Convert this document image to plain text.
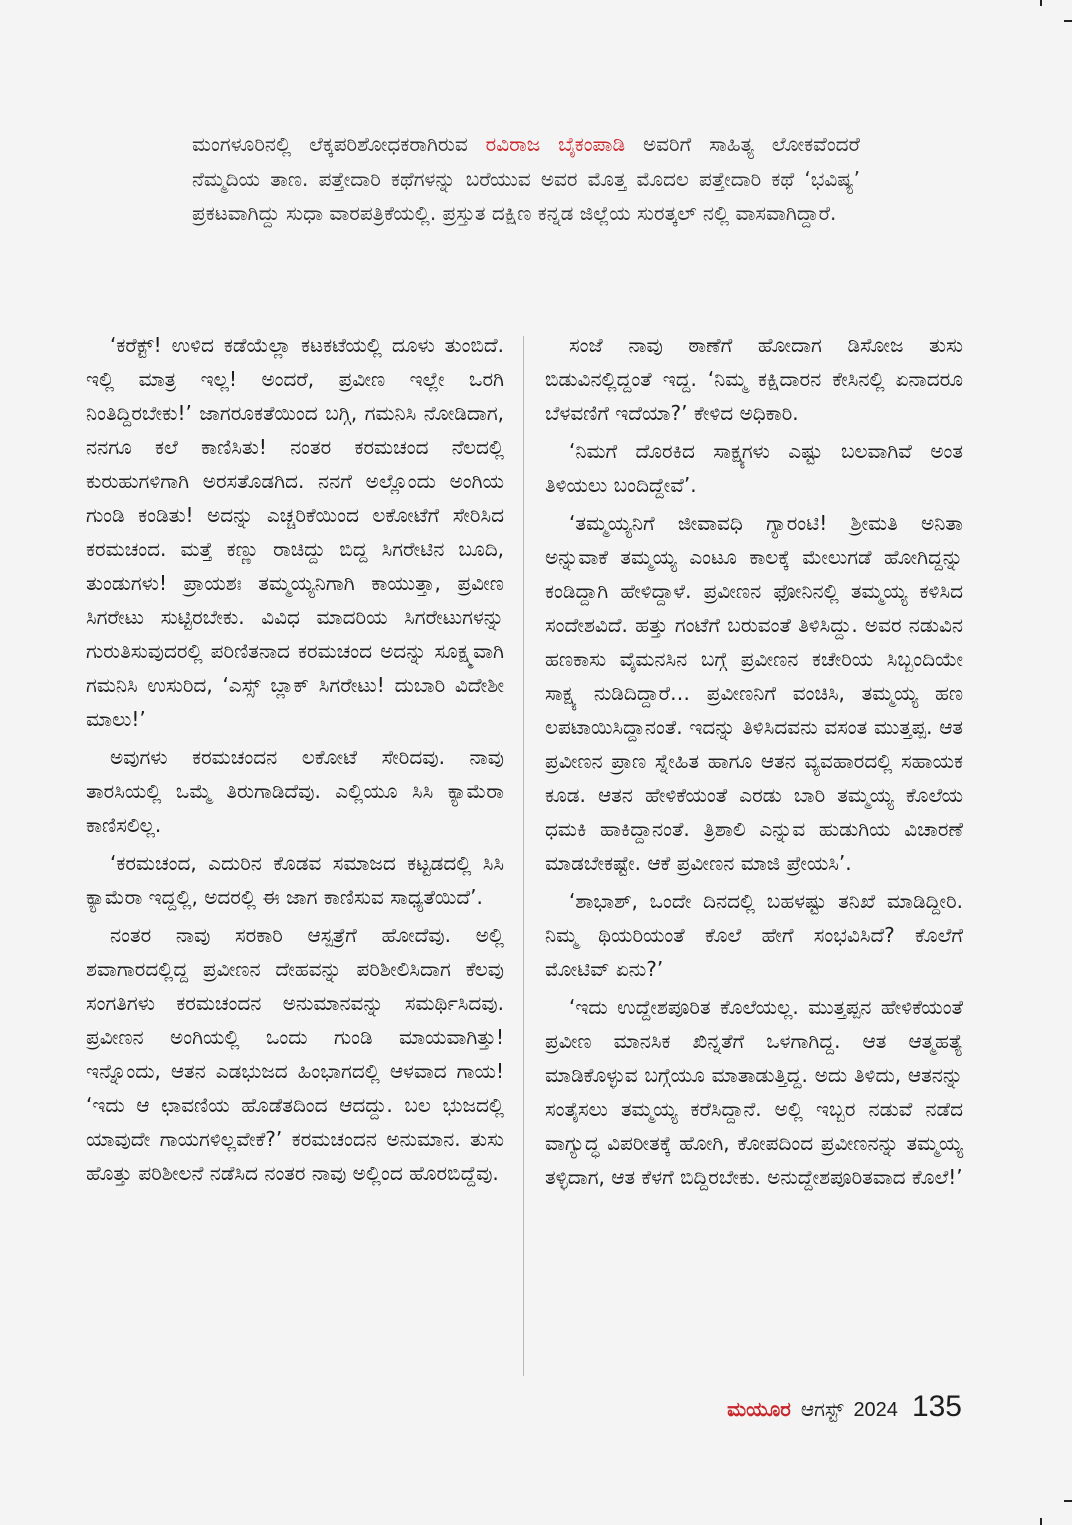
ಮಂಗಳೂರಿನಲ್ಲಿ ಲೆಕ್ಕಪರಿಶೋಧಕರಾಗಿರುವ ರವಿರಾಜ ಬೈಕಂಪಾಡಿ ಅವರಿಗೆ ಸಾಹಿತ್ಯ ಲೋಕವೆಂದರೆ ನೆಮ್ಮದಿಯ ತಾಣ. ಪತ್ತೇದಾರಿ ಕಥೆಗಳನ್ನು ಬರೆಯುವ ಅವರ ಮೊತ್ತ ಮೊದಲ ಪತ್ತೇದಾರಿ ಕಥೆ ‘ಭವಿಷ್ಯ’ ಪ್ರಕಟವಾಗಿದ್ದು ಸುಧಾ ವಾರಪತ್ರಿಕೆಯಲ್ಲಿ. ಪ್ರಸ್ತುತ ದಕ್ಷಿಣ ಕನ್ನಡ ಜಿಲ್ಲೆಯ ಸುರತ್ಕಲ್ ನಲ್ಲಿ ವಾಸವಾಗಿದ್ದಾರೆ.

‘ಕರೆಕ್ಟ್! ಉಳಿದ ಕಡೆಯೆಲ್ಲಾ ಕಟಕಟೆಯಲ್ಲಿ ದೂಳು ತುಂಬಿದೆ. ಇಲ್ಲಿ ಮಾತ್ರ ಇಲ್ಲ! ಅಂದರೆ, ಪ್ರವೀಣ ಇಲ್ಲೇ ಒರಗಿ ನಿಂತಿದ್ದಿರಬೇಕು!’ ಜಾಗರೂಕತೆಯಿಂದ ಬಗ್ಗಿ, ಗಮನಿಸಿ ನೋಡಿದಾಗ, ನನಗೂ ಕಲೆ ಕಾಣಿಸಿತು! ನಂತರ ಕರಮಚಂದ ನೆಲದಲ್ಲಿ ಕುರುಹುಗಳಿಗಾಗಿ ಅರಸತೊಡಗಿದ. ನನಗೆ ಅಲ್ಲೊಂದು ಅಂಗಿಯ ಗುಂಡಿ ಕಂಡಿತು! ಅದನ್ನು ಎಚ್ಚರಿಕೆಯಿಂದ ಲಕೋಟೆಗೆ ಸೇರಿಸಿದ ಕರಮಚಂದ. ಮತ್ತೆ ಕಣ್ಣು ರಾಚಿದ್ದು ಬಿದ್ದ ಸಿಗರೇಟಿನ ಬೂದಿ, ತುಂಡುಗಳು! ಪ್ರಾಯಶಃ ತಮ್ಮಯ್ಯನಿಗಾಗಿ ಕಾಯುತ್ತಾ, ಪ್ರವೀಣ ಸಿಗರೇಟು ಸುಟ್ಟಿರಬೇಕು. ವಿವಿಧ ಮಾದರಿಯ ಸಿಗರೇಟುಗಳನ್ನು ಗುರುತಿಸುವುದರಲ್ಲಿ ಪರಿಣಿತನಾದ ಕರಮಚಂದ ಅದನ್ನು ಸೂಕ್ಷ್ಮವಾಗಿ ಗಮನಿಸಿ ಉಸುರಿದ, ‘ಎಸ್ಸ್ ಬ್ಲಾಕ್ ಸಿಗರೇಟು! ದುಬಾರಿ ವಿದೇಶೀ ಮಾಲು!’

ಅವುಗಳು ಕರಮಚಂದನ ಲಕೋಟೆ ಸೇರಿದವು. ನಾವು ತಾರಸಿಯಲ್ಲಿ ಒಮ್ಮೆ ತಿರುಗಾಡಿದೆವು. ಎಲ್ಲಿಯೂ ಸಿಸಿ ಕ್ಯಾಮೆರಾ ಕಾಣಿಸಲಿಲ್ಲ.

‘ಕರಮಚಂದ, ಎದುರಿನ ಕೊಡವ ಸಮಾಜದ ಕಟ್ಟಡದಲ್ಲಿ ಸಿಸಿ ಕ್ಯಾಮೆರಾ ಇದ್ದಲ್ಲಿ, ಅದರಲ್ಲಿ ಈ ಜಾಗ ಕಾಣಿಸುವ ಸಾಧ್ಯತೆಯಿದೆ’.

ನಂತರ ನಾವು ಸರಕಾರಿ ಆಸ್ಪತ್ರೆಗೆ ಹೋದೆವು. ಅಲ್ಲಿ ಶವಾಗಾರದಲ್ಲಿದ್ದ ಪ್ರವೀಣನ ದೇಹವನ್ನು ಪರಿಶೀಲಿಸಿದಾಗ ಕೆಲವು ಸಂಗತಿಗಳು ಕರಮಚಂದನ ಅನುಮಾನವನ್ನು ಸಮರ್ಥಿಸಿದವು. ಪ್ರವೀಣನ ಅಂಗಿಯಲ್ಲಿ ಒಂದು ಗುಂಡಿ ಮಾಯವಾಗಿತ್ತು! ಇನ್ನೊಂದು, ಆತನ ಎಡಭುಜದ ಹಿಂಭಾಗದಲ್ಲಿ ಆಳವಾದ ಗಾಯ! ‘ಇದು ಆ ಛಾವಣಿಯ ಹೊಡೆತದಿಂದ ಆದದ್ದು. ಬಲ ಭುಜದಲ್ಲಿ ಯಾವುದೇ ಗಾಯಗಳಿಲ್ಲವೇಕೆ?’ ಕರಮಚಂದನ ಅನುಮಾನ. ತುಸು ಹೊತ್ತು ಪರಿಶೀಲನೆ ನಡೆಸಿದ ನಂತರ ನಾವು ಅಲ್ಲಿಂದ ಹೊರಬಿದ್ದೆವು.

ಸಂಜೆ ನಾವು ಠಾಣೆಗೆ ಹೋದಾಗ ಡಿಸೋಜ ತುಸು ಬಿಡುವಿನಲ್ಲಿದ್ದಂತೆ ಇದ್ದ. ‘ನಿಮ್ಮ ಕಕ್ಷಿದಾರನ ಕೇಸಿನಲ್ಲಿ ಏನಾದರೂ ಬೆಳವಣಿಗೆ ಇದೆಯಾ?’ ಕೇಳಿದ ಅಧಿಕಾರಿ.

‘ನಿಮಗೆ ದೊರಕಿದ ಸಾಕ್ಷ್ಯಗಳು ಎಷ್ಟು ಬಲವಾಗಿವೆ ಅಂತ ತಿಳಿಯಲು ಬಂದಿದ್ದೇವೆ’.

‘ತಮ್ಮಯ್ಯನಿಗೆ ಜೀವಾವಧಿ ಗ್ಯಾರಂಟಿ! ಶ್ರೀಮತಿ ಅನಿತಾ ಅನ್ನುವಾಕೆ ತಮ್ಮಯ್ಯ ಎಂಟೂ ಕಾಲಕ್ಕೆ ಮೇಲುಗಡೆ ಹೋಗಿದ್ದನ್ನು ಕಂಡಿದ್ದಾಗಿ ಹೇಳಿದ್ದಾಳೆ. ಪ್ರವೀಣನ ಫೋನಿನಲ್ಲಿ ತಮ್ಮಯ್ಯ ಕಳಿಸಿದ ಸಂದೇಶವಿದೆ. ಹತ್ತು ಗಂಟೆಗೆ ಬರುವಂತೆ ತಿಳಿಸಿದ್ದು. ಅವರ ನಡುವಿನ ಹಣಕಾಸು ವೈಮನಸಿನ ಬಗ್ಗೆ ಪ್ರವೀಣನ ಕಚೇರಿಯ ಸಿಬ್ಬಂದಿಯೇ ಸಾಕ್ಷ್ಯ ನುಡಿದಿದ್ದಾರೆ… ಪ್ರವೀಣನಿಗೆ ವಂಚಿಸಿ, ತಮ್ಮಯ್ಯ ಹಣ ಲಪಟಾಯಿಸಿದ್ದಾನಂತೆ. ಇದನ್ನು ತಿಳಿಸಿದವನು ವಸಂತ ಮುತ್ತಪ್ಪ. ಆತ ಪ್ರವೀಣನ ಪ್ರಾಣ ಸ್ನೇಹಿತ ಹಾಗೂ ಆತನ ವ್ಯವಹಾರದಲ್ಲಿ ಸಹಾಯಕ ಕೂಡ. ಆತನ ಹೇಳಿಕೆಯಂತೆ ಎರಡು ಬಾರಿ ತಮ್ಮಯ್ಯ ಕೊಲೆಯ ಧಮಕಿ ಹಾಕಿದ್ದಾನಂತೆ. ತ್ರಿಶಾಲಿ ಎನ್ನುವ ಹುಡುಗಿಯ ವಿಚಾರಣೆ ಮಾಡಬೇಕಷ್ಟೇ. ಆಕೆ ಪ್ರವೀಣನ ಮಾಜಿ ಪ್ರೇಯಸಿ’.

‘ಶಾಭಾಶ್, ಒಂದೇ ದಿನದಲ್ಲಿ ಬಹಳಷ್ಟು ತನಿಖೆ ಮಾಡಿದ್ದೀರಿ. ನಿಮ್ಮ ಥಿಯರಿಯಂತೆ ಕೊಲೆ ಹೇಗೆ ಸಂಭವಿಸಿದೆ? ಕೊಲೆಗೆ ಮೋಟಿವ್ ಏನು?’

‘ಇದು ಉದ್ದೇಶಪೂರಿತ ಕೊಲೆಯಲ್ಲ. ಮುತ್ತಪ್ಪನ ಹೇಳಿಕೆಯಂತೆ ಪ್ರವೀಣ ಮಾನಸಿಕ ಖಿನ್ನತೆಗೆ ಒಳಗಾಗಿದ್ದ. ಆತ ಆತ್ಮಹತ್ಯೆ ಮಾಡಿಕೊಳ್ಳುವ ಬಗ್ಗೆಯೂ ಮಾತಾಡುತ್ತಿದ್ದ. ಅದು ತಿಳಿದು, ಆತನನ್ನು ಸಂತೈಸಲು ತಮ್ಮಯ್ಯ ಕರೆಸಿದ್ದಾನೆ. ಅಲ್ಲಿ ಇಬ್ಬರ ನಡುವೆ ನಡೆದ ವಾಗ್ಯುದ್ಧ ವಿಪರೀತಕ್ಕೆ ಹೋಗಿ, ಕೋಪದಿಂದ ಪ್ರವೀಣನನ್ನು ತಮ್ಮಯ್ಯ ತಳ್ಳಿದಾಗ, ಆತ ಕೆಳಗೆ ಬಿದ್ದಿರಬೇಕು. ಅನುದ್ದೇಶಪೂರಿತವಾದ ಕೊಲೆ!’

ಮಯೂರ ಆಗಸ್ಟ್ 2024 135
